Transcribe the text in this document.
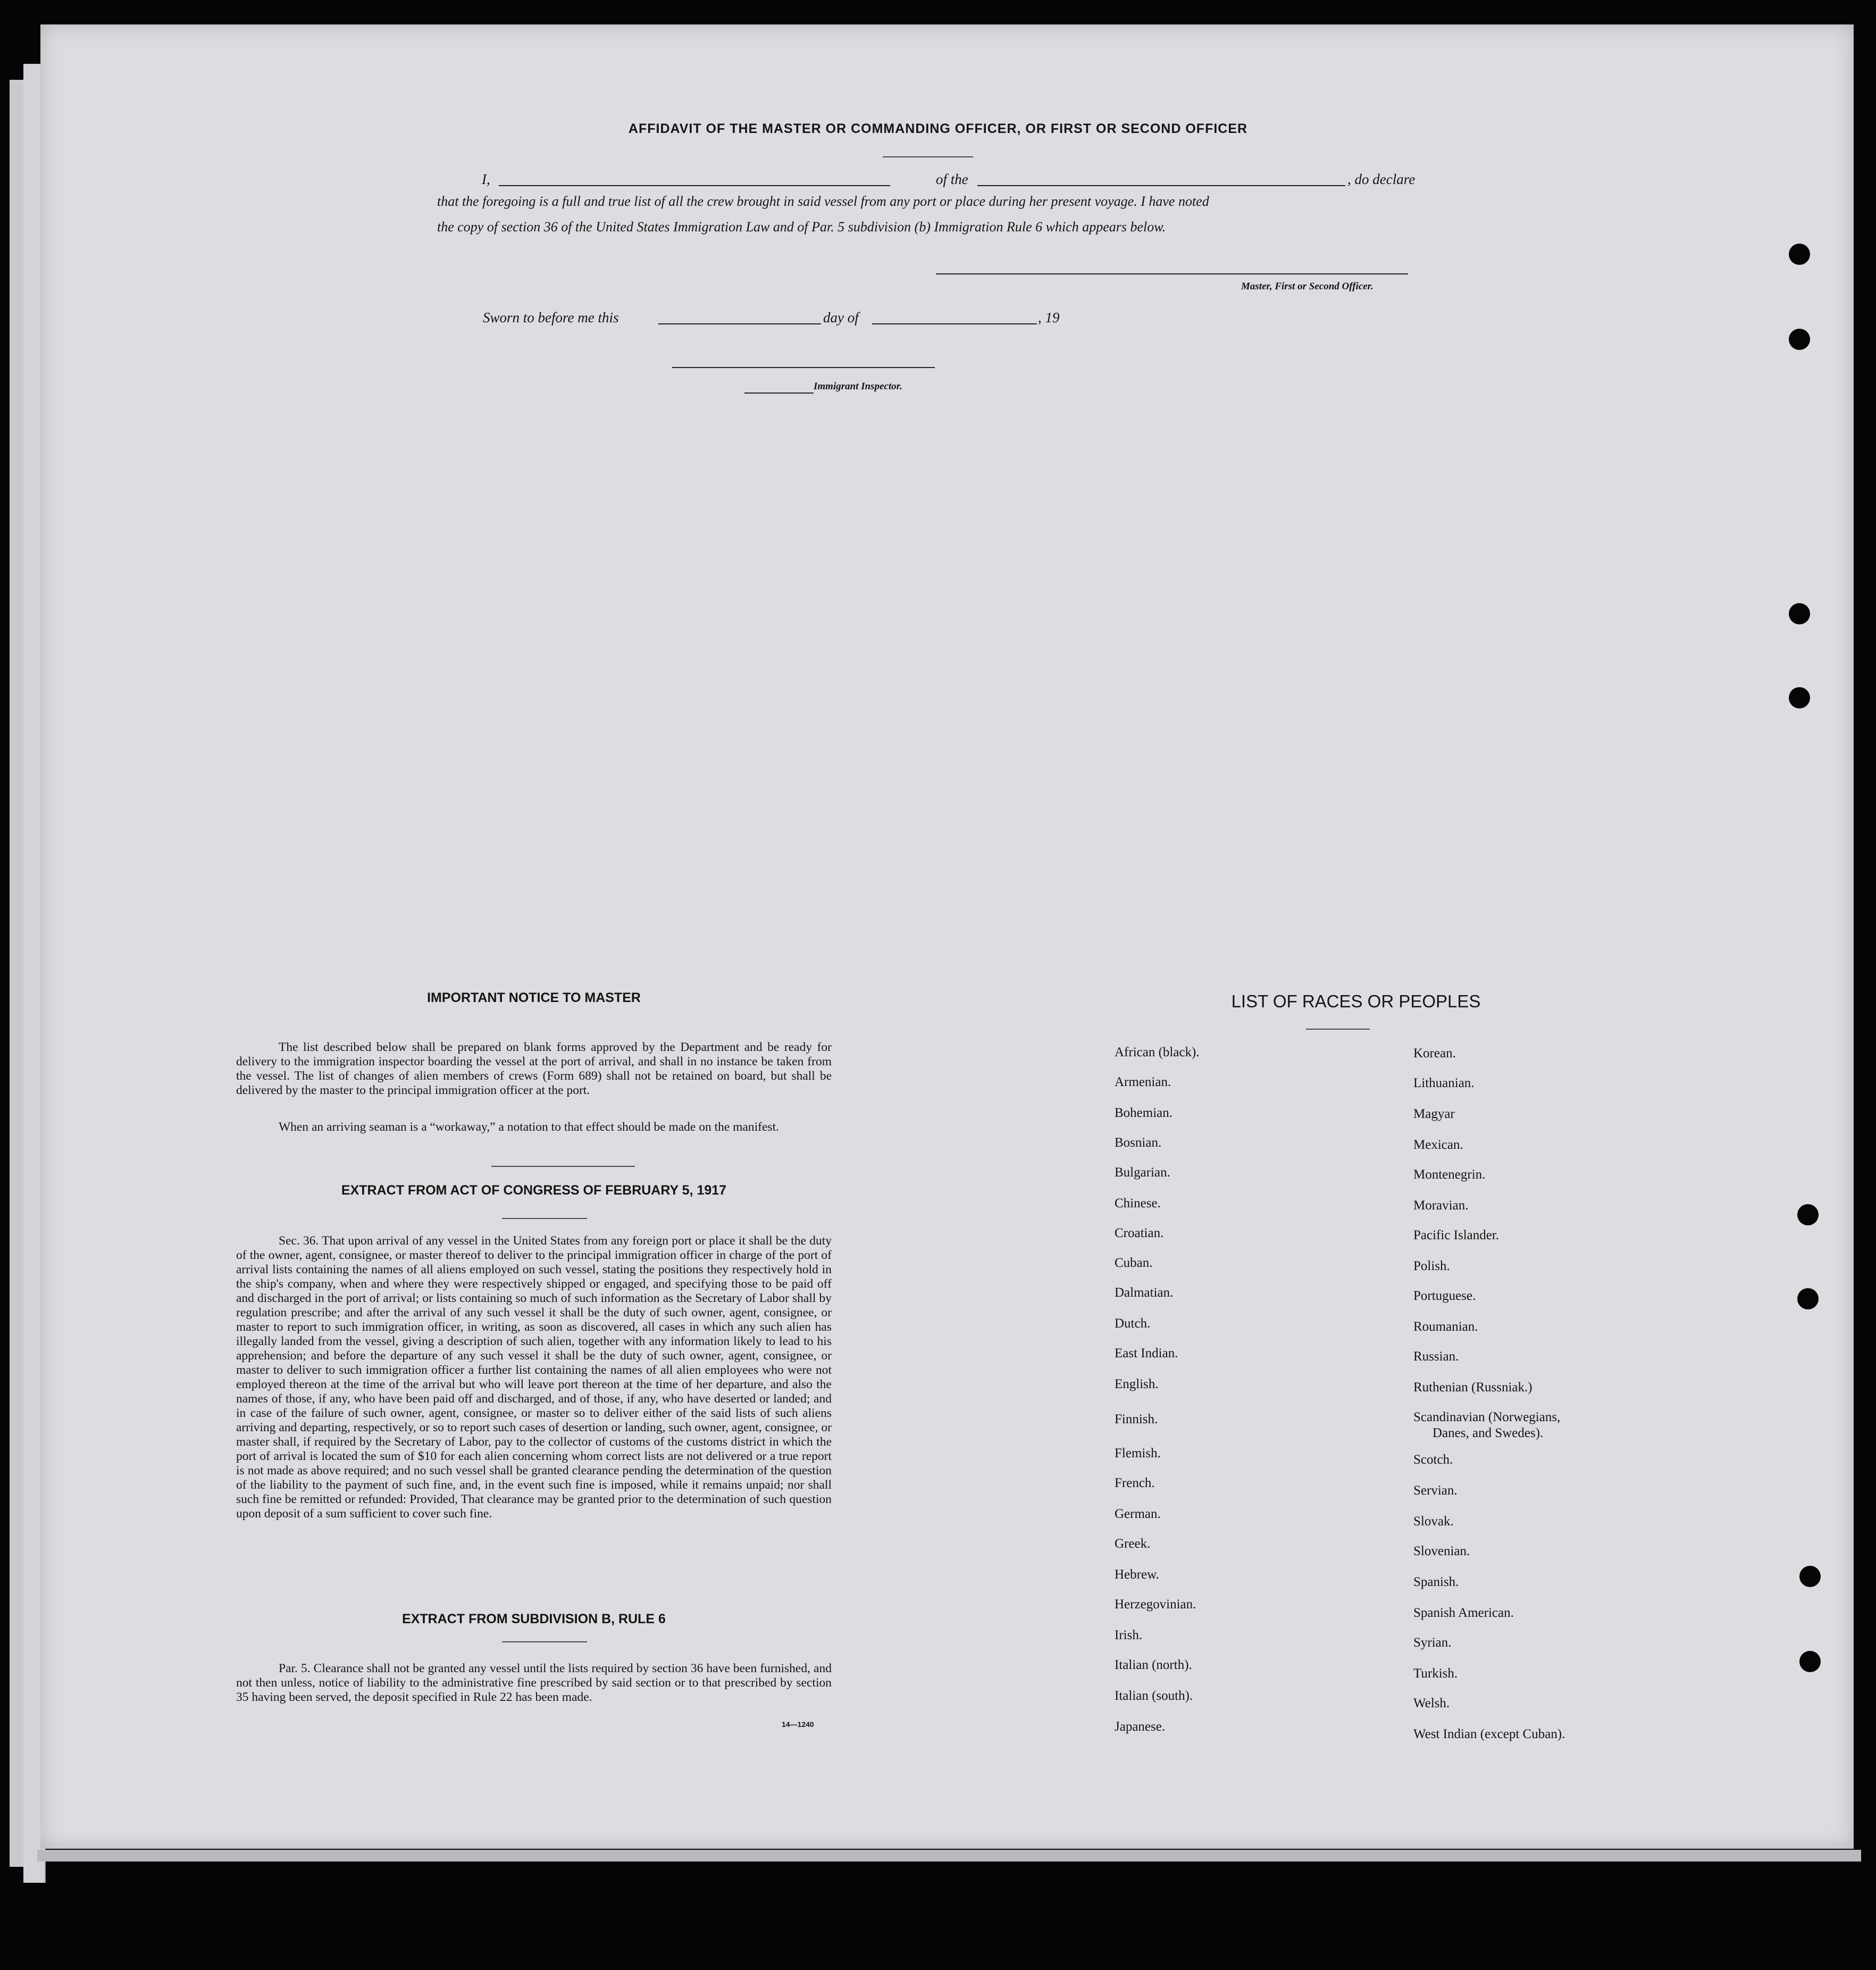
AFFIDAVIT OF THE MASTER OR COMMANDING OFFICER, OR FIRST OR SECOND OFFICER
I,	of the	, do declare
that the foregoing is a full and true list of all the crew brought in said vessel from any port or place during her present voyage. I have noted
the copy of section 36 of the United States Immigration Law and of Par. 5 subdivision (b) Immigration Rule 6 which appears below.
Master, First or Second Officer.
Sworn to before me this	day of	, 19
Immigrant Inspector.
IMPORTANT NOTICE TO MASTER
The list described below shall be prepared on blank forms approved by the Department and be ready for delivery to the immigration inspector boarding the vessel at the port of arrival, and shall in no instance be taken from the vessel. The list of changes of alien members of crews (Form 689) shall not be retained on board, but shall be delivered by the master to the principal immigration officer at the port.
When an arriving seaman is a “workaway,” a notation to that effect should be made on the manifest.
EXTRACT FROM ACT OF CONGRESS OF FEBRUARY 5, 1917
Sec. 36. That upon arrival of any vessel in the United States from any foreign port or place it shall be the duty of the owner, agent, consignee, or master thereof to deliver to the principal immigration officer in charge of the port of arrival lists containing the names of all aliens employed on such vessel, stating the positions they respectively hold in the ship's company, when and where they were respectively shipped or engaged, and specifying those to be paid off and discharged in the port of arrival; or lists containing so much of such information as the Secretary of Labor shall by regulation prescribe; and after the arrival of any such vessel it shall be the duty of such owner, agent, consignee, or master to report to such immigration officer, in writing, as soon as discovered, all cases in which any such alien has illegally landed from the vessel, giving a description of such alien, together with any information likely to lead to his apprehension; and before the departure of any such vessel it shall be the duty of such owner, agent, consignee, or master to deliver to such immigration officer a further list containing the names of all alien employees who were not employed thereon at the time of the arrival but who will leave port thereon at the time of her departure, and also the names of those, if any, who have been paid off and discharged, and of those, if any, who have deserted or landed; and in case of the failure of such owner, agent, consignee, or master so to deliver either of the said lists of such aliens arriving and departing, respectively, or so to report such cases of desertion or landing, such owner, agent, consignee, or master shall, if required by the Secretary of Labor, pay to the collector of customs of the customs district in which the port of arrival is located the sum of $10 for each alien concerning whom correct lists are not delivered or a true report is not made as above required; and no such vessel shall be granted clearance pending the determination of the question of the liability to the payment of such fine, and, in the event such fine is imposed, while it remains unpaid; nor shall such fine be remitted or refunded: Provided, That clearance may be granted prior to the determination of such question upon deposit of a sum sufficient to cover such fine.
EXTRACT FROM SUBDIVISION B, RULE 6
Par. 5. Clearance shall not be granted any vessel until the lists required by section 36 have been furnished, and not then unless, notice of liability to the administrative fine prescribed by said section or to that prescribed by section 35 having been served, the deposit specified in Rule 22 has been made.
14—1240
LIST OF RACES OR PEOPLES
African (black).
Armenian.
Bohemian.
Bosnian.
Bulgarian.
Chinese.
Croatian.
Cuban.
Dalmatian.
Dutch.
East Indian.
English.
Finnish.
Flemish.
French.
German.
Greek.
Hebrew.
Herzegovinian.
Irish.
Italian (north).
Italian (south).
Japanese.
Korean.
Lithuanian.
Magyar
Mexican.
Montenegrin.
Moravian.
Pacific Islander.
Polish.
Portuguese.
Roumanian.
Russian.
Ruthenian (Russniak.)
Scandinavian (Norwegians,
Danes, and Swedes).
Scotch.
Servian.
Slovak.
Slovenian.
Spanish.
Spanish American.
Syrian.
Turkish.
Welsh.
West Indian (except Cuban).
